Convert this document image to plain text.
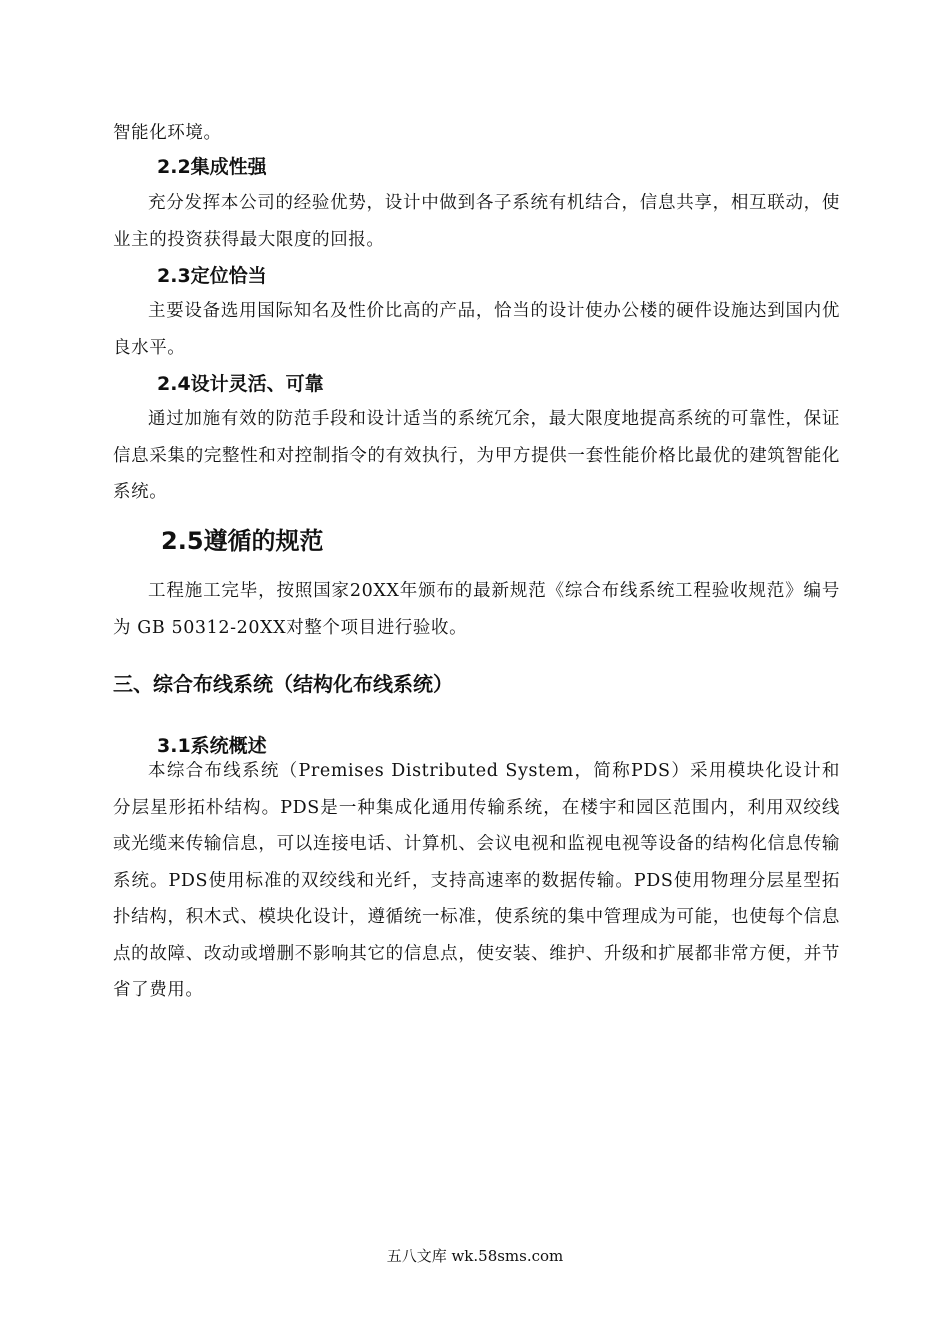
智能化环境。

2.2集成性强

充分发挥本公司的经验优势，设计中做到各子系统有机结合，信息共享，相互联动，使业主的投资获得最大限度的回报。

2.3定位恰当

主要设备选用国际知名及性价比高的产品，恰当的设计使办公楼的硬件设施达到国内优良水平。

2.4设计灵活、可靠

通过加施有效的防范手段和设计适当的系统冗余，最大限度地提高系统的可靠性，保证信息采集的完整性和对控制指令的有效执行，为甲方提供一套性能价格比最优的建筑智能化系统。

2.5遵循的规范

工程施工完毕，按照国家20XX年颁布的最新规范《综合布线系统工程验收规范》编号为 GB 50312-20XX对整个项目进行验收。

三、综合布线系统（结构化布线系统）
3.1系统概述

本综合布线系统（Premises Distributed System，简称PDS）采用模块化设计和分层星形拓朴结构。PDS是一种集成化通用传输系统，在楼宇和园区范围内，利用双绞线或光缆来传输信息，可以连接电话、计算机、会议电视和监视电视等设备的结构化信息传输系统。PDS使用标准的双绞线和光纤，支持高速率的数据传输。PDS使用物理分层星型拓扑结构，积木式、模块化设计，遵循统一标准，使系统的集中管理成为可能，也使每个信息点的故障、改动或增删不影响其它的信息点，使安装、维护、升级和扩展都非常方便，并节省了费用。

五八文库 wk.58sms.com
